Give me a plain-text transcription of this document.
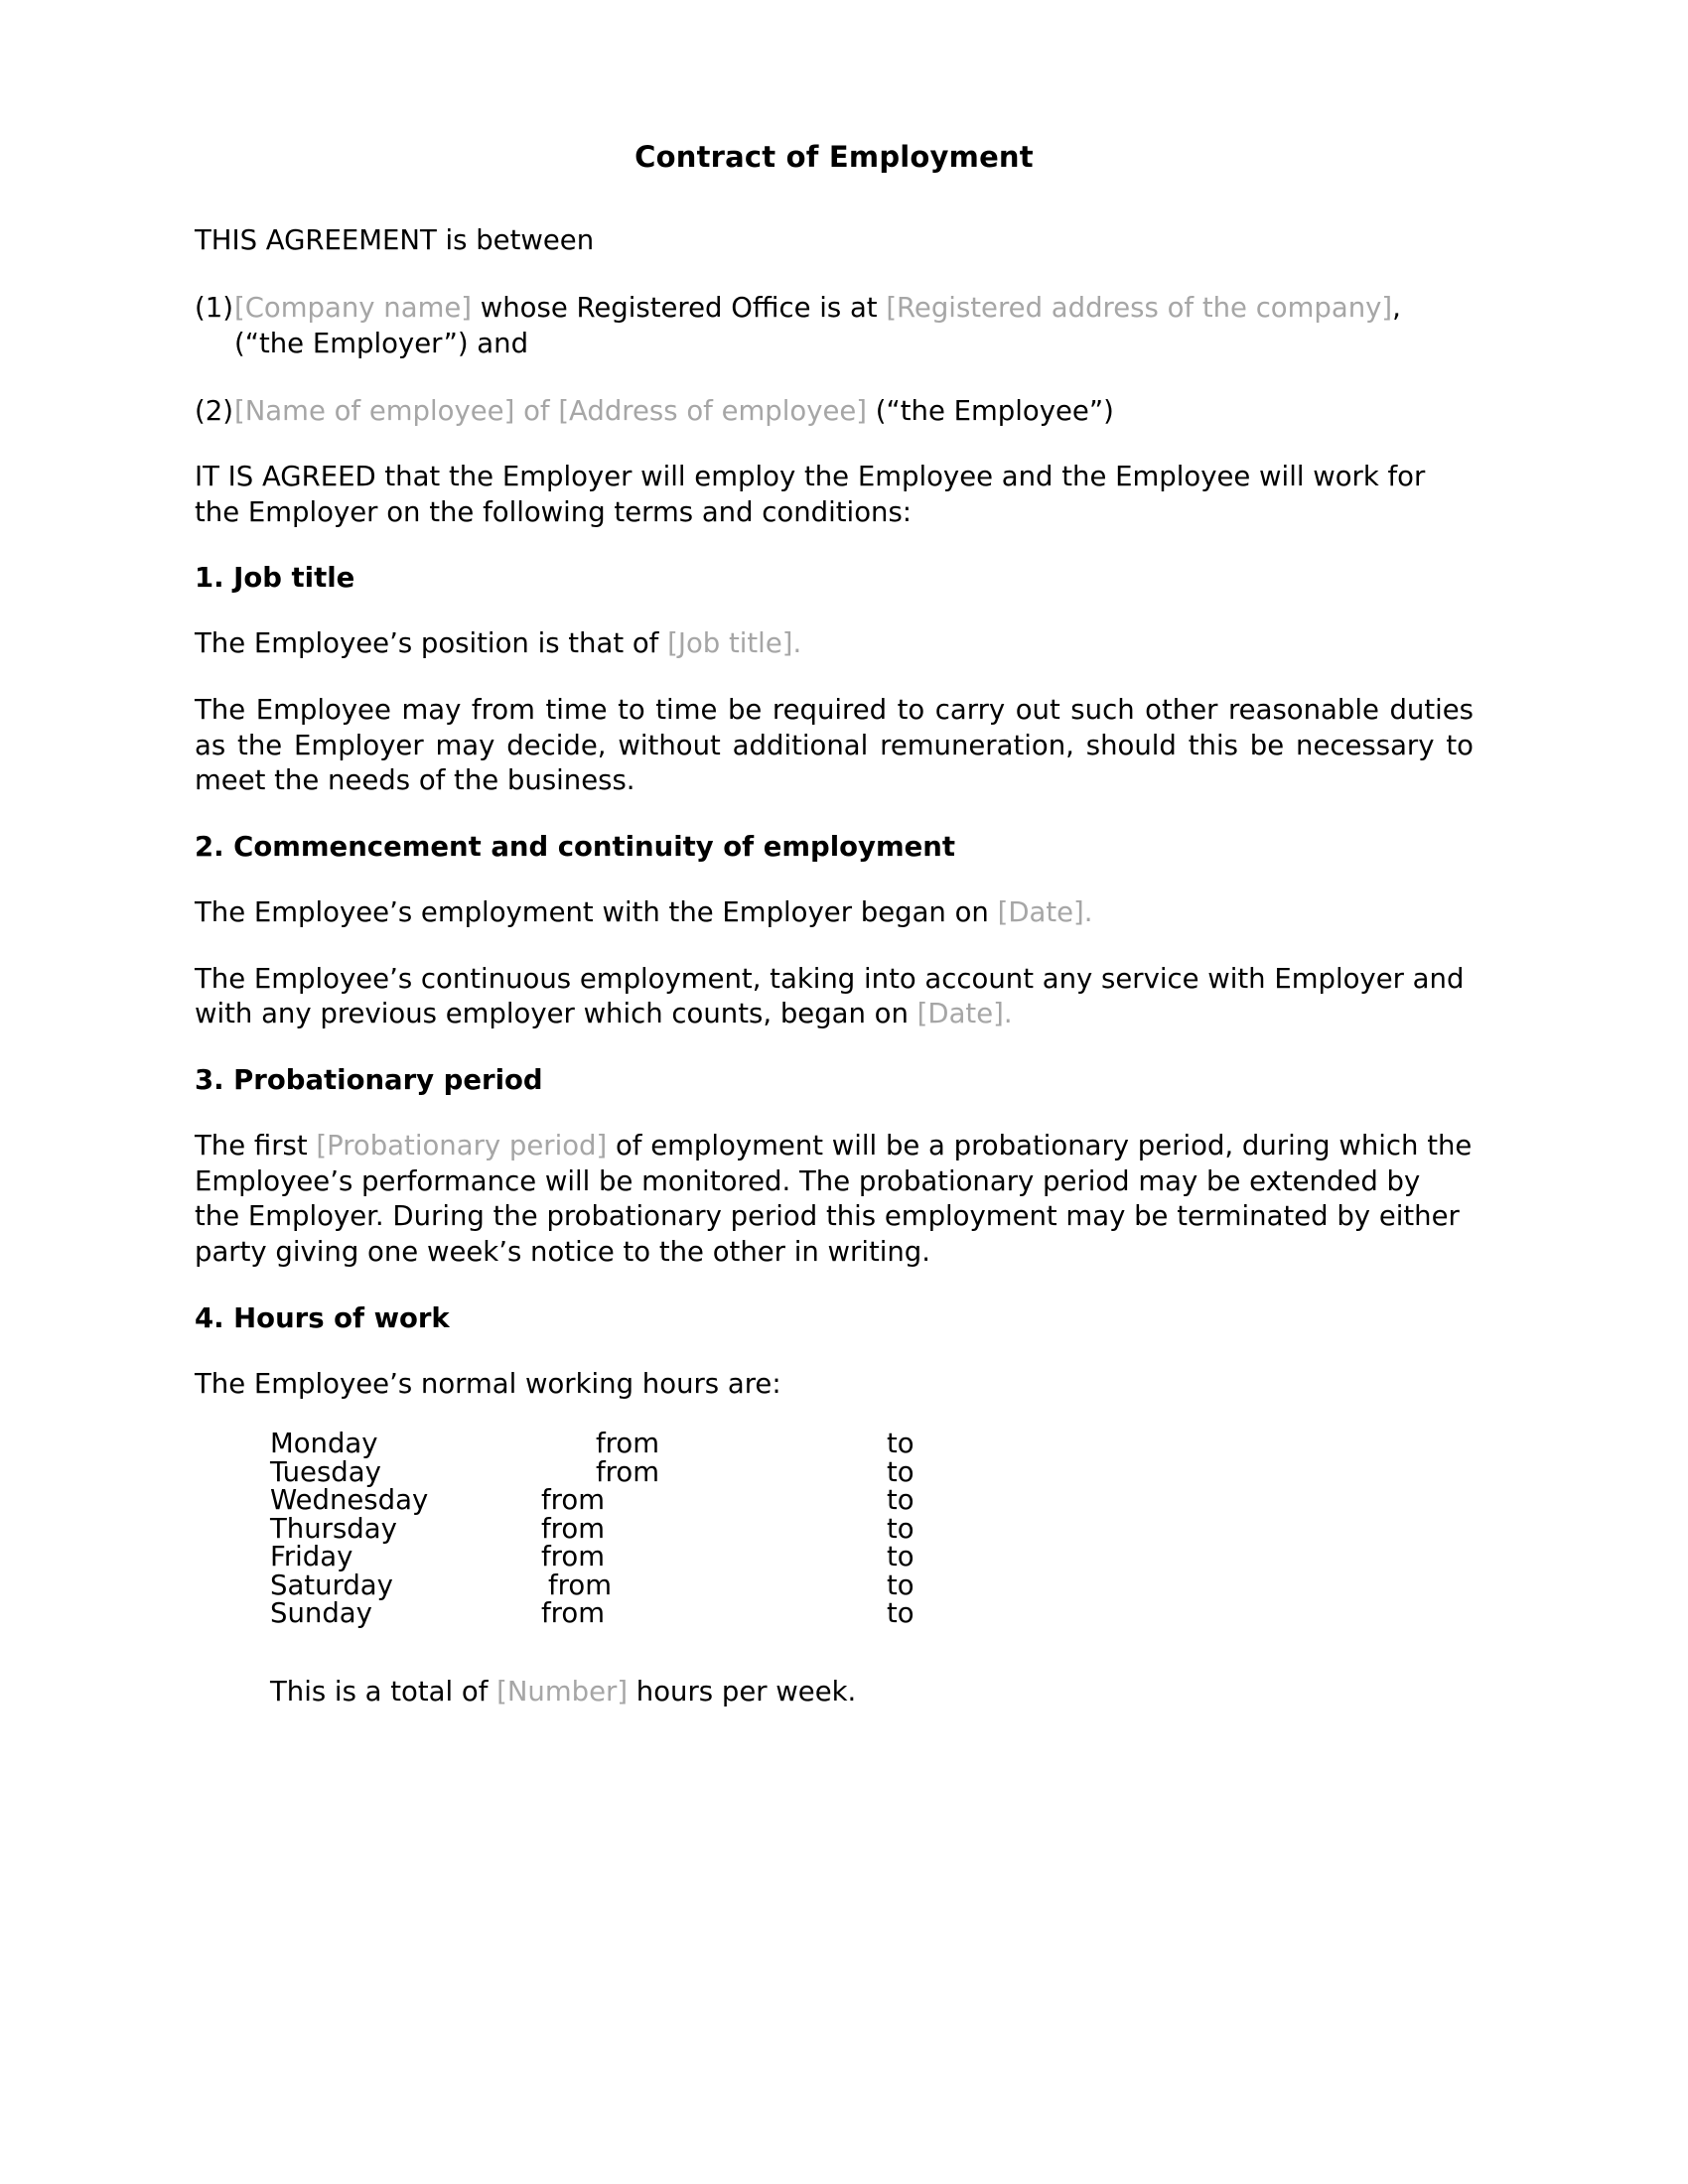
Contract of Employment

THIS AGREEMENT is between

(1) [Company name] whose Registered Office is at [Registered address of the company], (“the Employer”) and
(2) [Name of employee] of [Address of employee] (“the Employee”)

IT IS AGREED that the Employer will employ the Employee and the Employee will work for the Employer on the following terms and conditions:

1. Job title

The Employee’s position is that of [Job title].

The Employee may from time to time be required to carry out such other reasonable duties as the Employer may decide, without additional remuneration, should this be necessary to meet the needs of the business.

2. Commencement and continuity of employment

The Employee’s employment with the Employer began on [Date].

The Employee’s continuous employment, taking into account any service with Employer and with any previous employer which counts, began on [Date].

3. Probationary period

The first [Probationary period] of employment will be a probationary period, during which the Employee’s performance will be monitored. The probationary period may be extended by the Employer. During the probationary period this employment may be terminated by either party giving one week’s notice to the other in writing.

4. Hours of work

The Employee’s normal working hours are:

Monday	from	to
Tuesday	from	to
Wednesday	from	to
Thursday	from	to
Friday	from	to
Saturday	from	to
Sunday	from	to

This is a total of [Number] hours per week.
